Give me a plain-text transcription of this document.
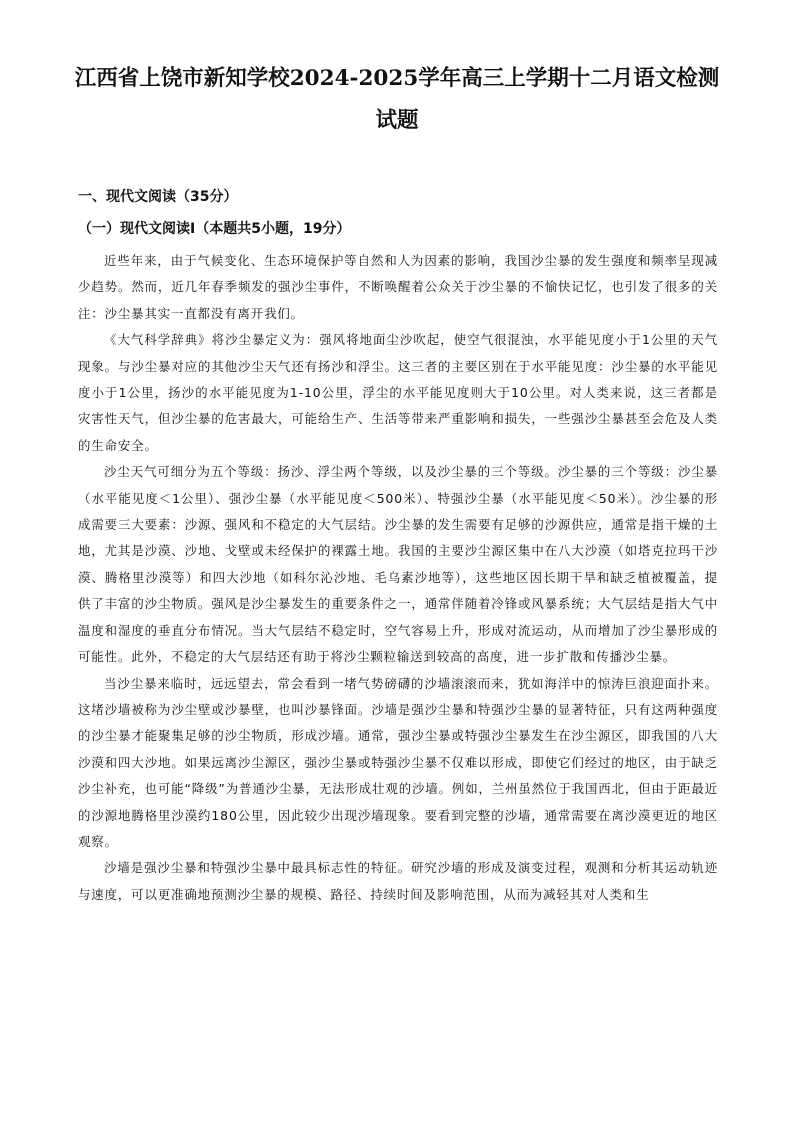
江西省上饶市新知学校2024-2025学年高三上学期十二月语文检测试题
一、现代文阅读（35分）
（一）现代文阅读I（本题共5小题，19分）

近些年来，由于气候变化、生态环境保护等自然和人为因素的影响，我国沙尘暴的发生强度和频率呈现减少趋势。然而，近几年春季频发的强沙尘事件，不断唤醒着公众关于沙尘暴的不愉快记忆，也引发了很多的关注：沙尘暴其实一直都没有离开我们。

《大气科学辞典》将沙尘暴定义为：强风将地面尘沙吹起，使空气很混浊，水平能见度小于1公里的天气现象。与沙尘暴对应的其他沙尘天气还有扬沙和浮尘。这三者的主要区别在于水平能见度：沙尘暴的水平能见度小于1公里，扬沙的水平能见度为1-10公里，浮尘的水平能见度则大于10公里。对人类来说，这三者都是灾害性天气，但沙尘暴的危害最大，可能给生产、生活等带来严重影响和损失，一些强沙尘暴甚至会危及人类的生命安全。

沙尘天气可细分为五个等级：扬沙、浮尘两个等级，以及沙尘暴的三个等级。沙尘暴的三个等级：沙尘暴（水平能见度＜1公里）、强沙尘暴（水平能见度＜500米）、特强沙尘暴（水平能见度＜50米）。沙尘暴的形成需要三大要素：沙源、强风和不稳定的大气层结。沙尘暴的发生需要有足够的沙源供应，通常是指干燥的土地，尤其是沙漠、沙地、戈壁或未经保护的裸露土地。我国的主要沙尘源区集中在八大沙漠（如塔克拉玛干沙漠、腾格里沙漠等）和四大沙地（如科尔沁沙地、毛乌素沙地等），这些地区因长期干旱和缺乏植被覆盖，提供了丰富的沙尘物质。强风是沙尘暴发生的重要条件之一，通常伴随着冷锋或风暴系统；大气层结是指大气中温度和湿度的垂直分布情况。当大气层结不稳定时，空气容易上升，形成对流运动，从而增加了沙尘暴形成的可能性。此外，不稳定的大气层结还有助于将沙尘颗粒输送到较高的高度，进一步扩散和传播沙尘暴。

当沙尘暴来临时，远远望去，常会看到一堵气势磅礴的沙墙滚滚而来，犹如海洋中的惊涛巨浪迎面扑来。这堵沙墙被称为沙尘壁或沙暴壁，也叫沙暴锋面。沙墙是强沙尘暴和特强沙尘暴的显著特征，只有这两种强度的沙尘暴才能聚集足够的沙尘物质，形成沙墙。通常，强沙尘暴或特强沙尘暴发生在沙尘源区，即我国的八大沙漠和四大沙地。如果远离沙尘源区，强沙尘暴或特强沙尘暴不仅难以形成，即使它们经过的地区，由于缺乏沙尘补充，也可能“降级”为普通沙尘暴，无法形成壮观的沙墙。例如，兰州虽然位于我国西北，但由于距最近的沙源地腾格里沙漠约180公里，因此较少出现沙墙现象。要看到完整的沙墙，通常需要在离沙漠更近的地区观察。

沙墙是强沙尘暴和特强沙尘暴中最具标志性的特征。研究沙墙的形成及演变过程，观测和分析其运动轨迹与速度，可以更准确地预测沙尘暴的规模、路径、持续时间及影响范围，从而为减轻其对人类和生
